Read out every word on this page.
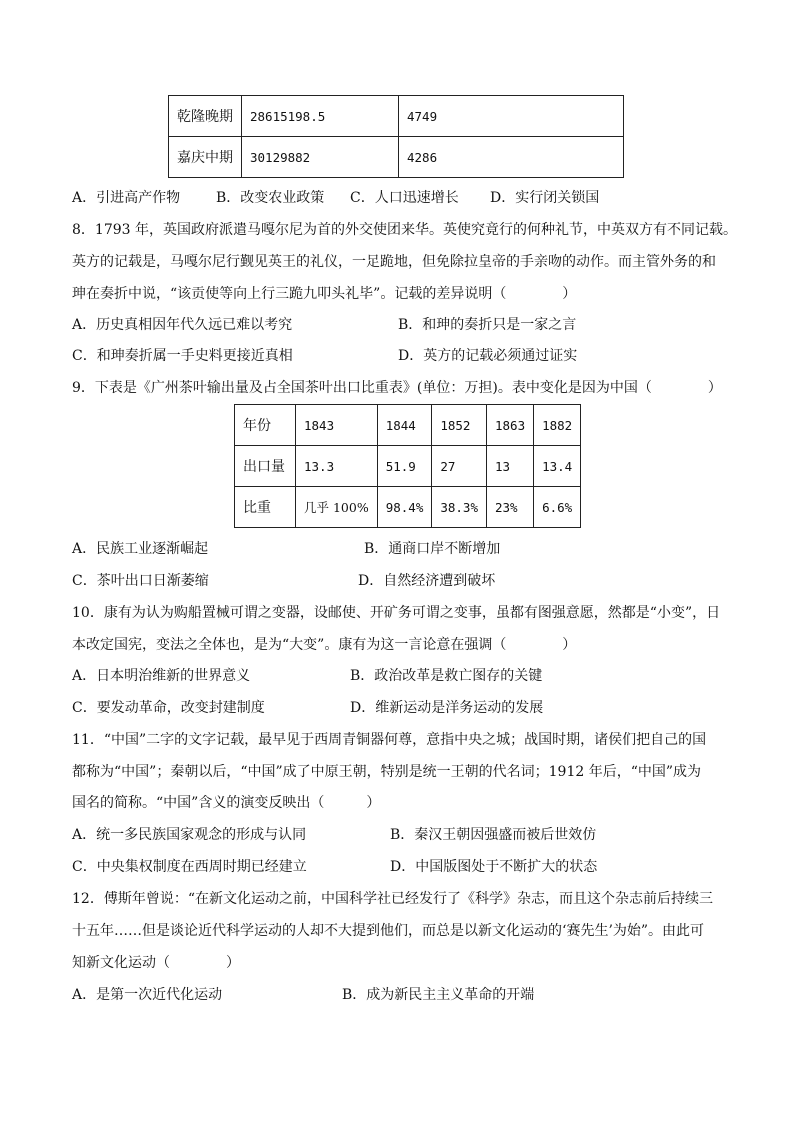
乾隆晚期	28615198.5	4749
嘉庆中期	30129882	4286
A．引进高产作物	B．改变农业政策 C．人口迅速增长 D．实行闭关锁国
8．1793 年，英国政府派遣马嘎尔尼为首的外交使团来华。英使究竟行的何种礼节，中英双方有不同记载。
英方的记载是，马嘎尔尼行觐见英王的礼仪，一足跪地，但免除拉皇帝的手亲吻的动作。而主管外务的和
珅在奏折中说，“该贡使等向上行三跪九叩头礼毕”。记载的差异说明（　　　　）
A．历史真相因年代久远已难以考究	B．和珅的奏折只是一家之言
C．和珅奏折属一手史料更接近真相	D．英方的记载必须通过证实
9．下表是《广州茶叶输出量及占全国茶叶出口比重表》(单位：万担)。表中变化是因为中国（　　　　）
年份	1843	1844	1852	1863	1882
出口量	13.3	51.9	27	13	13.4
比重	几乎 100%	98.4%	38.3%	23%	6.6%
A．民族工业逐渐崛起	B．通商口岸不断增加
C．茶叶出口日渐萎缩	D．自然经济遭到破坏
10．康有为认为购船置械可谓之变器，设邮使、开矿务可谓之变事，虽都有图强意愿，然都是“小变”，日
本改定国宪，变法之全体也，是为“大变”。康有为这一言论意在强调（　　　　）
A．日本明治维新的世界意义	B．政治改革是救亡图存的关键
C．要发动革命，改变封建制度	D．维新运动是洋务运动的发展
11．“中国”二字的文字记载，最早见于西周青铜器何尊，意指中央之城；战国时期，诸侯们把自己的国
都称为“中国”；秦朝以后，“中国”成了中原王朝，特别是统一王朝的代名词；1912 年后，“中国”成为
国名的简称。“中国”含义的演变反映出（　　　）
A．统一多民族国家观念的形成与认同	B．秦汉王朝因强盛而被后世效仿
C．中央集权制度在西周时期已经建立	D．中国版图处于不断扩大的状态
12．傅斯年曾说：“在新文化运动之前，中国科学社已经发行了《科学》杂志，而且这个杂志前后持续三
十五年……但是谈论近代科学运动的人却不大提到他们，而总是以新文化运动的‘赛先生’为始”。由此可
知新文化运动（　　　　）
A．是第一次近代化运动	B．成为新民主主义革命的开端
